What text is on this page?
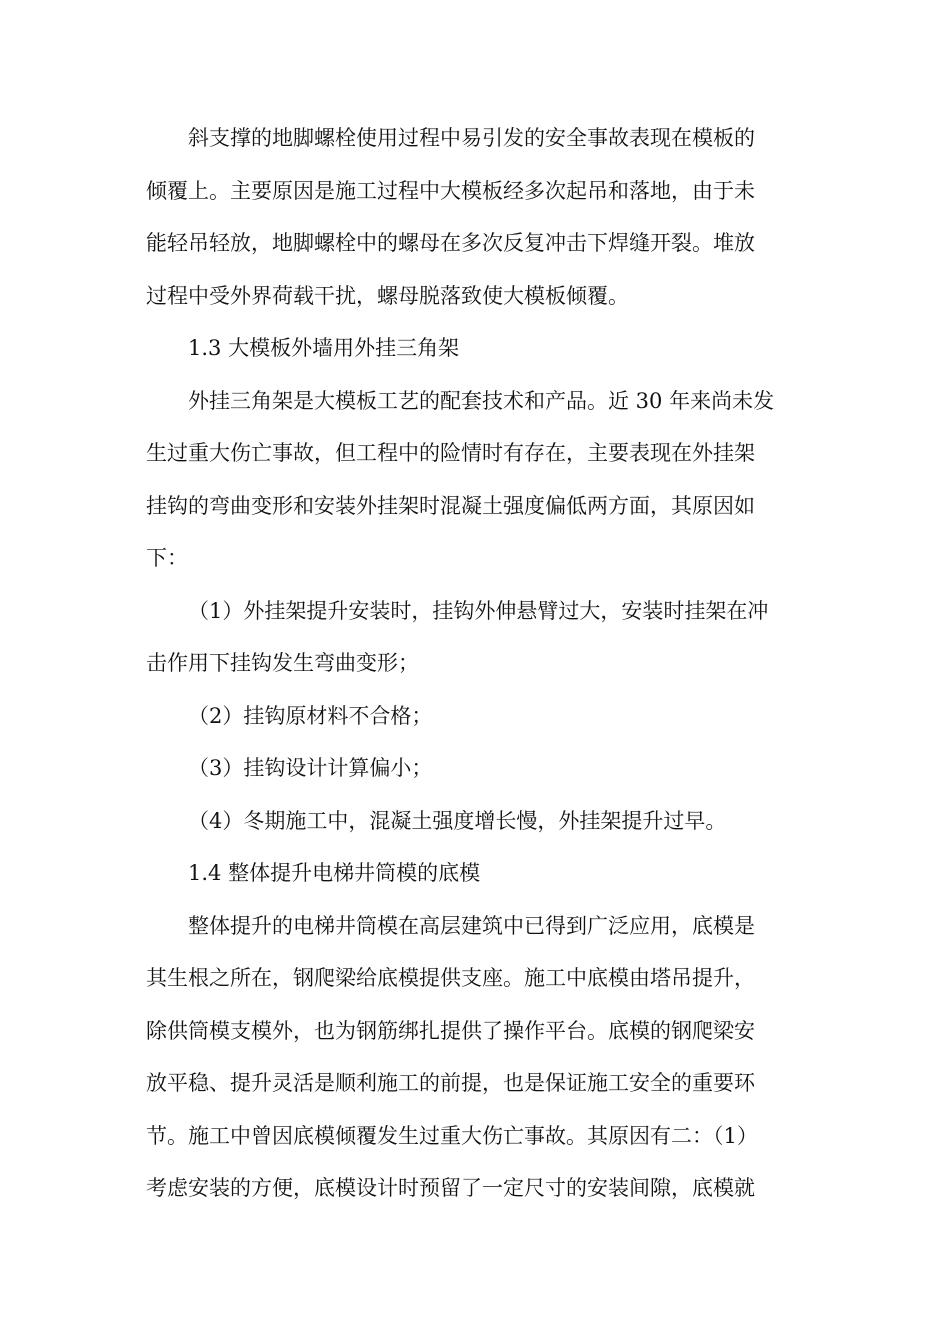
斜支撑的地脚螺栓使用过程中易引发的安全事故表现在模板的
倾覆上。主要原因是施工过程中大模板经多次起吊和落地，由于未
能轻吊轻放，地脚螺栓中的螺母在多次反复冲击下焊缝开裂。堆放
过程中受外界荷载干扰，螺母脱落致使大模板倾覆。
1.3 大模板外墙用外挂三角架
外挂三角架是大模板工艺的配套技术和产品。近 30 年来尚未发
生过重大伤亡事故，但工程中的险情时有存在，主要表现在外挂架
挂钩的弯曲变形和安装外挂架时混凝土强度偏低两方面，其原因如
下：
（1）外挂架提升安装时，挂钩外伸悬臂过大，安装时挂架在冲
击作用下挂钩发生弯曲变形；
（2）挂钩原材料不合格；
（3）挂钩设计计算偏小；
（4）冬期施工中，混凝土强度增长慢，外挂架提升过早。
1.4 整体提升电梯井筒模的底模
整体提升的电梯井筒模在高层建筑中已得到广泛应用，底模是
其生根之所在，钢爬梁给底模提供支座。施工中底模由塔吊提升，
除供筒模支模外，也为钢筋绑扎提供了操作平台。底模的钢爬梁安
放平稳、提升灵活是顺利施工的前提，也是保证施工安全的重要环
节。施工中曾因底模倾覆发生过重大伤亡事故。其原因有二：（1）
考虑安装的方便，底模设计时预留了一定尺寸的安装间隙，底模就
